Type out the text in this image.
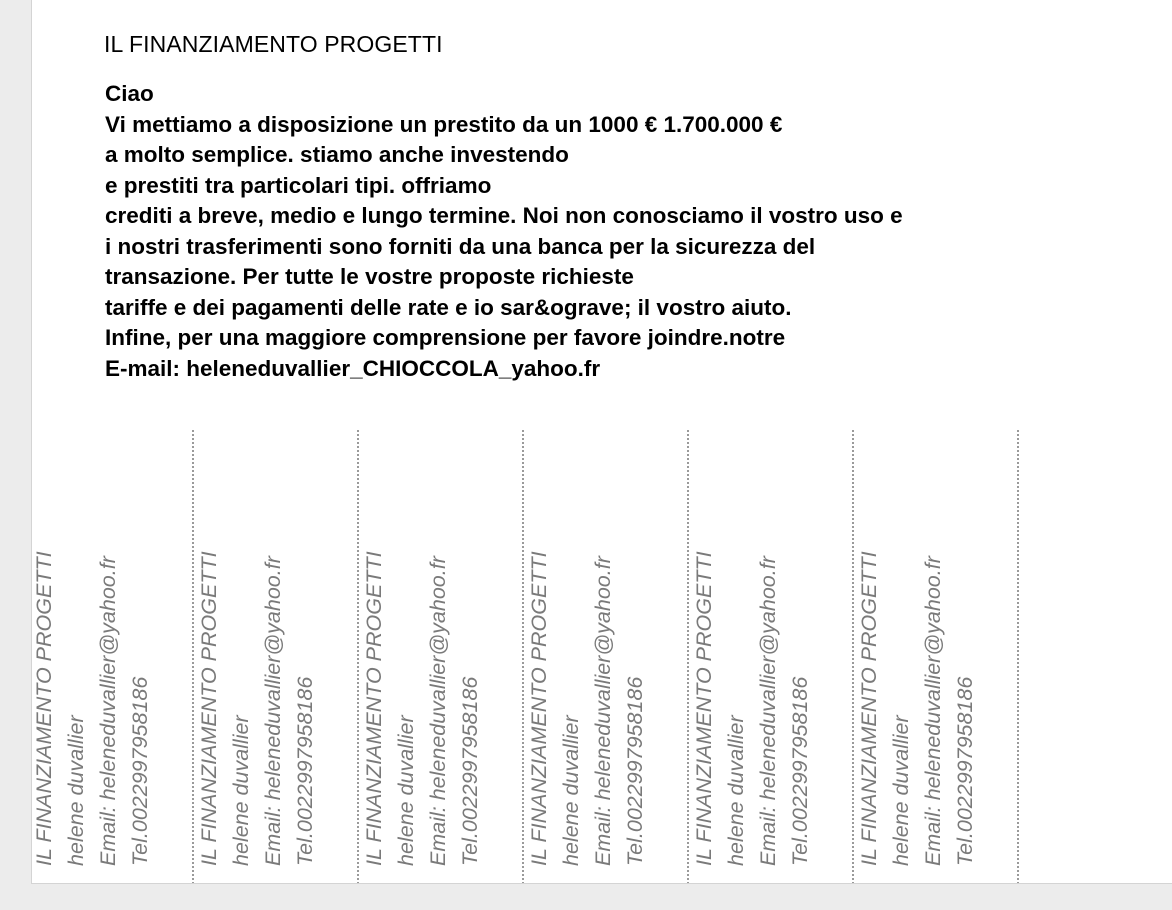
IL FINANZIAMENTO PROGETTI

Ciao
Vi mettiamo a disposizione un prestito da un 1000 € 1.700.000 €
a molto semplice. stiamo anche investendo
e prestiti tra particolari tipi. offriamo
crediti a breve, medio e lungo termine. Noi non conosciamo il vostro uso e
i nostri trasferimenti sono forniti da una banca per la sicurezza del
transazione. Per tutte le vostre proposte richieste
tariffe e dei pagamenti delle rate e io sar&ograve; il vostro aiuto.
Infine, per una maggiore comprensione per favore joindre.notre
E-mail: heleneduvallier_CHIOCCOLA_yahoo.fr

IL FINANZIAMENTO PROGETTI helene duvallier Email: heleneduvallier@yahoo.fr Tel.0022997958186 IL FINANZIAMENTO PROGETTI helene duvallier Email: heleneduvallier@yahoo.fr Tel.0022997958186 IL FINANZIAMENTO PROGETTI helene duvallier Email: heleneduvallier@yahoo.fr Tel.0022997958186 IL FINANZIAMENTO PROGETTI helene duvallier Email: heleneduvallier@yahoo.fr Tel.0022997958186 IL FINANZIAMENTO PROGETTI helene duvallier Email: heleneduvallier@yahoo.fr Tel.0022997958186 IL FINANZIAMENTO PROGETTI helene duvallier Email: heleneduvallier@yahoo.fr Tel.0022997958186
